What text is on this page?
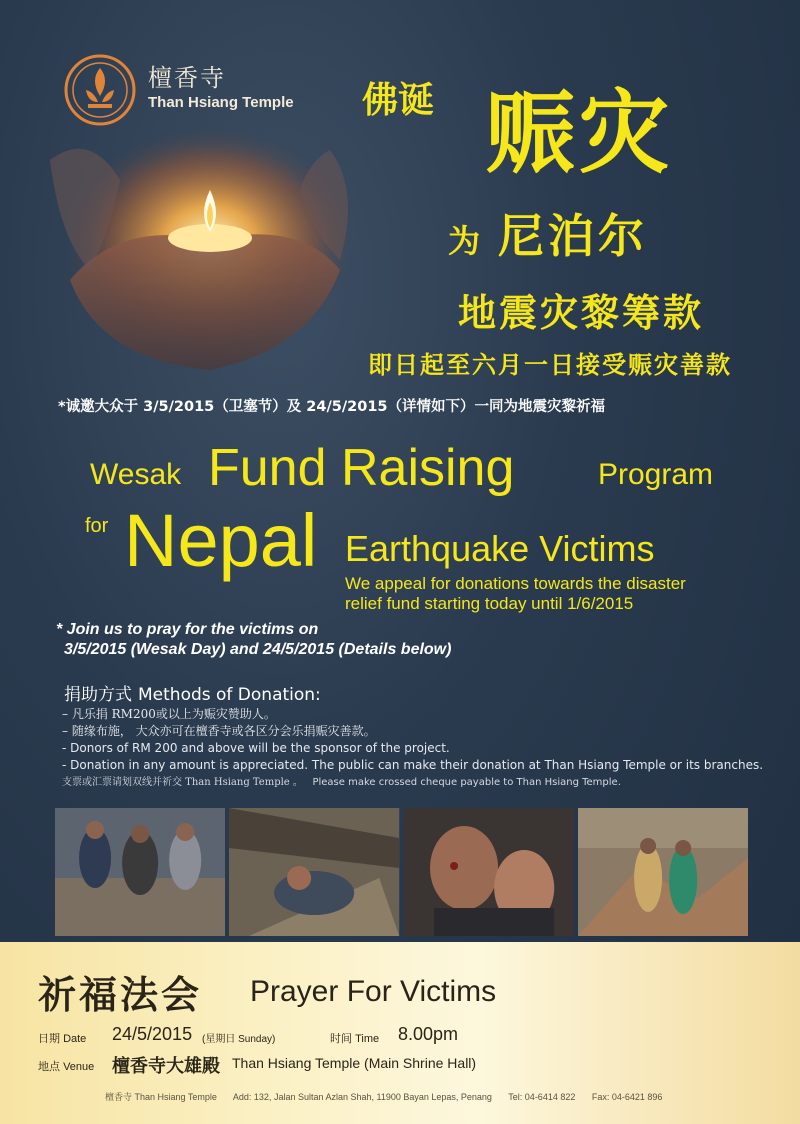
檀香寺
Than Hsiang Temple 佛诞 赈灾
为 尼泊尔
地震灾黎筹款
即日起至六月一日接受赈灾善款
*诚邀大众于 3/5/2015（卫塞节）及 24/5/2015（详情如下）一同为地震灾黎祈福
Wesak Fund Raising	Program
for Nepal Earthquake Victims
We appeal for donations towards the disaster
relief fund starting today until 1/6/2015
* Join us to pray for the victims on
3/5/2015 (Wesak Day) and 24/5/2015 (Details below)
捐助方式 Methods of Donation:
– 凡乐捐 RM200或以上为赈灾赞助人。
– 随缘布施， 大众亦可在檀香寺或各区分会乐捐赈灾善款。
- Donors of RM 200 and above will be the sponsor of the project.
- Donation in any amount is appreciated. The public can make their donation at Than Hsiang Temple or its branches.
支票或汇票请划双线并祈交 Than Hsiang Temple 。 Please make crossed cheque payable to Than Hsiang Temple.
祈福法会 Prayer For Victims
日期 Date 24/5/2015 (星期日 Sunday)	时间 Time 8.00pm
地点 Venue 檀香寺大雄殿 Than Hsiang Temple (Main Shrine Hall)
檀香寺 Than Hsiang Temple Add: 132, Jalan Sultan Azlan Shah, 11900 Bayan Lepas, Penang Tel: 04-6414 822 Fax: 04-6421 896
